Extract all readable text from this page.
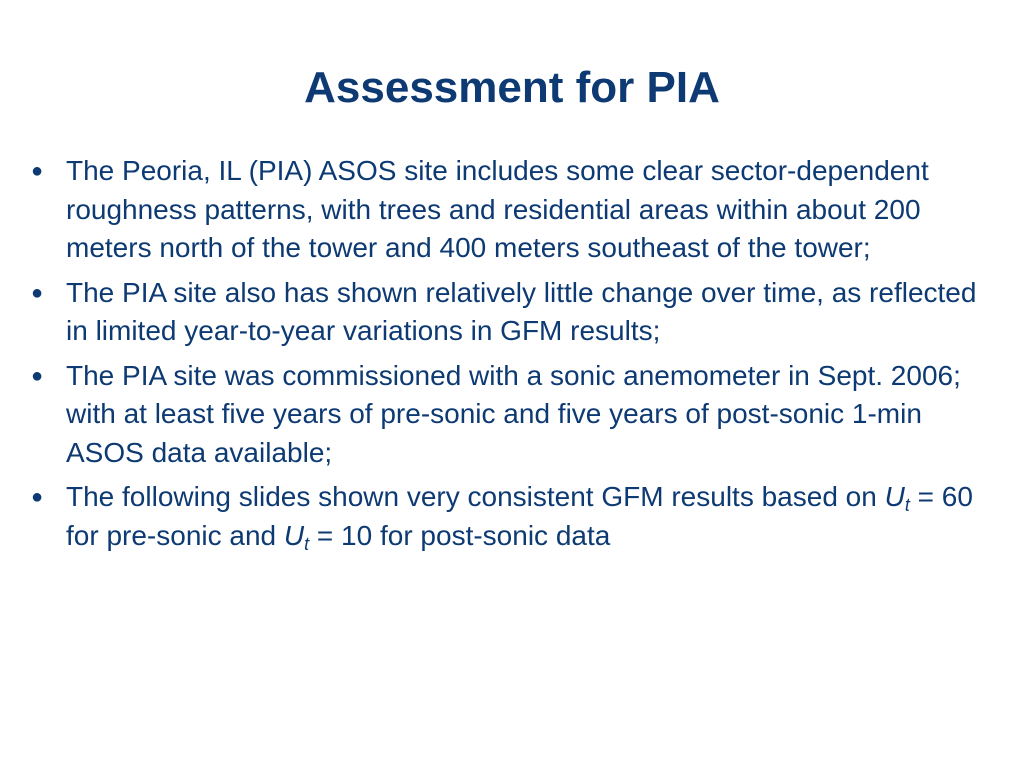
Assessment for PIA
● The Peoria, IL (PIA) ASOS site includes some clear sector-dependent roughness patterns, with trees and residential areas within about 200 meters north of the tower and 400 meters southeast of the tower;
● The PIA site also has shown relatively little change over time, as reflected in limited year-to-year variations in GFM results;
● The PIA site was commissioned with a sonic anemometer in Sept. 2006; with at least five years of pre-sonic and five years of post-sonic 1-min ASOS data available;
● The following slides shown very consistent GFM results based on Ut = 60 for pre-sonic and Ut = 10 for post-sonic data
